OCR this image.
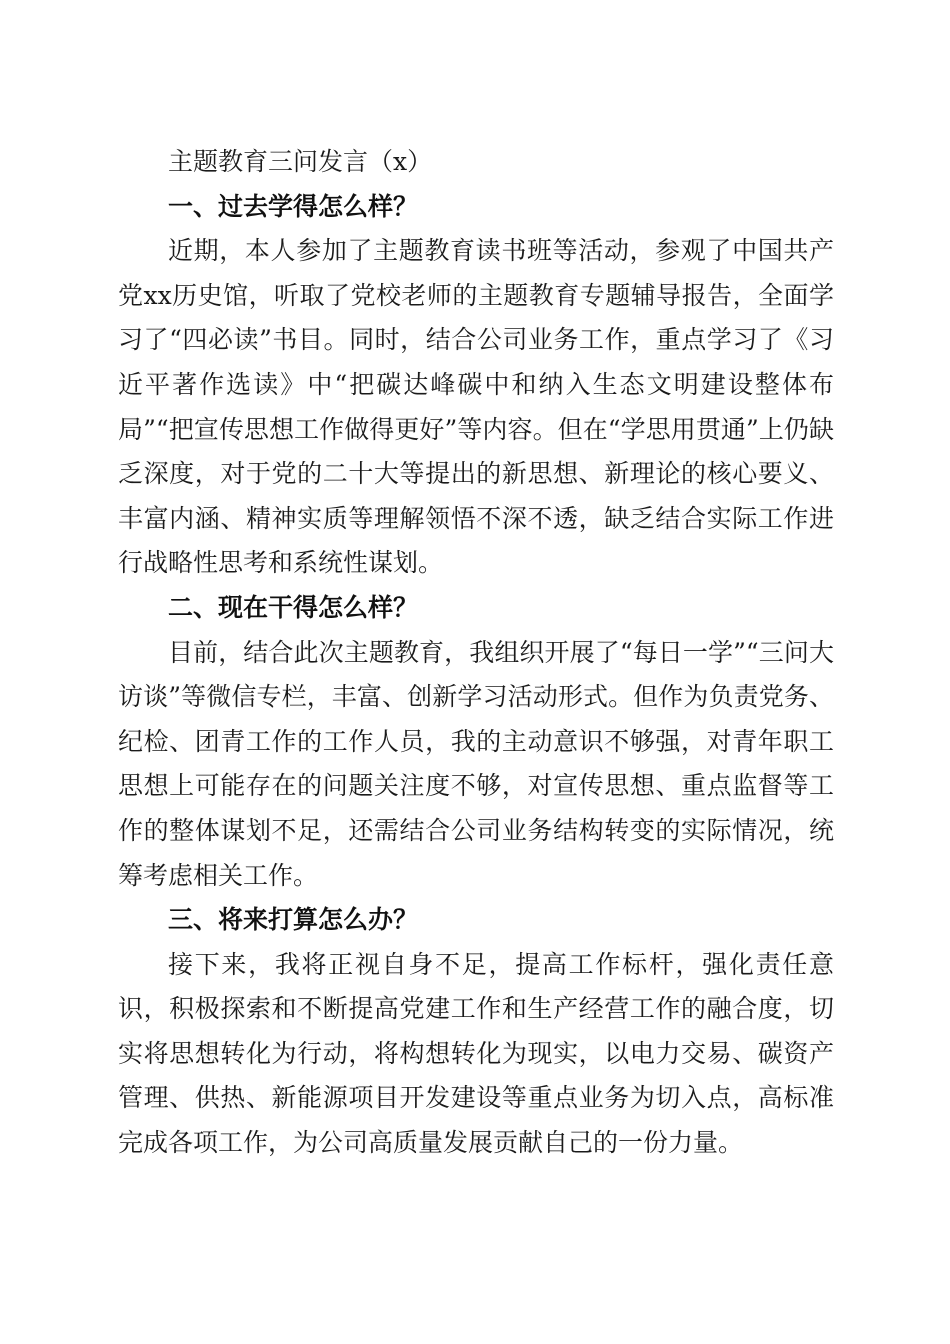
主题教育三问发言（x）

一、过去学得怎么样？

近期，本人参加了主题教育读书班等活动，参观了中国共产党xx历史馆，听取了党校老师的主题教育专题辅导报告，全面学习了“四必读”书目。同时，结合公司业务工作，重点学习了《习近平著作选读》中“把碳达峰碳中和纳入生态文明建设整体布局”“把宣传思想工作做得更好”等内容。但在“学思用贯通”上仍缺乏深度，对于党的二十大等提出的新思想、新理论的核心要义、丰富内涵、精神实质等理解领悟不深不透，缺乏结合实际工作进行战略性思考和系统性谋划。

二、现在干得怎么样？

目前，结合此次主题教育，我组织开展了“每日一学”“三问大访谈”等微信专栏，丰富、创新学习活动形式。但作为负责党务、纪检、团青工作的工作人员，我的主动意识不够强，对青年职工思想上可能存在的问题关注度不够，对宣传思想、重点监督等工作的整体谋划不足，还需结合公司业务结构转变的实际情况，统筹考虑相关工作。

三、将来打算怎么办？

接下来，我将正视自身不足，提高工作标杆，强化责任意识，积极探索和不断提高党建工作和生产经营工作的融合度，切实将思想转化为行动，将构想转化为现实，以电力交易、碳资产管理、供热、新能源项目开发建设等重点业务为切入点，高标准完成各项工作，为公司高质量发展贡献自己的一份力量。
